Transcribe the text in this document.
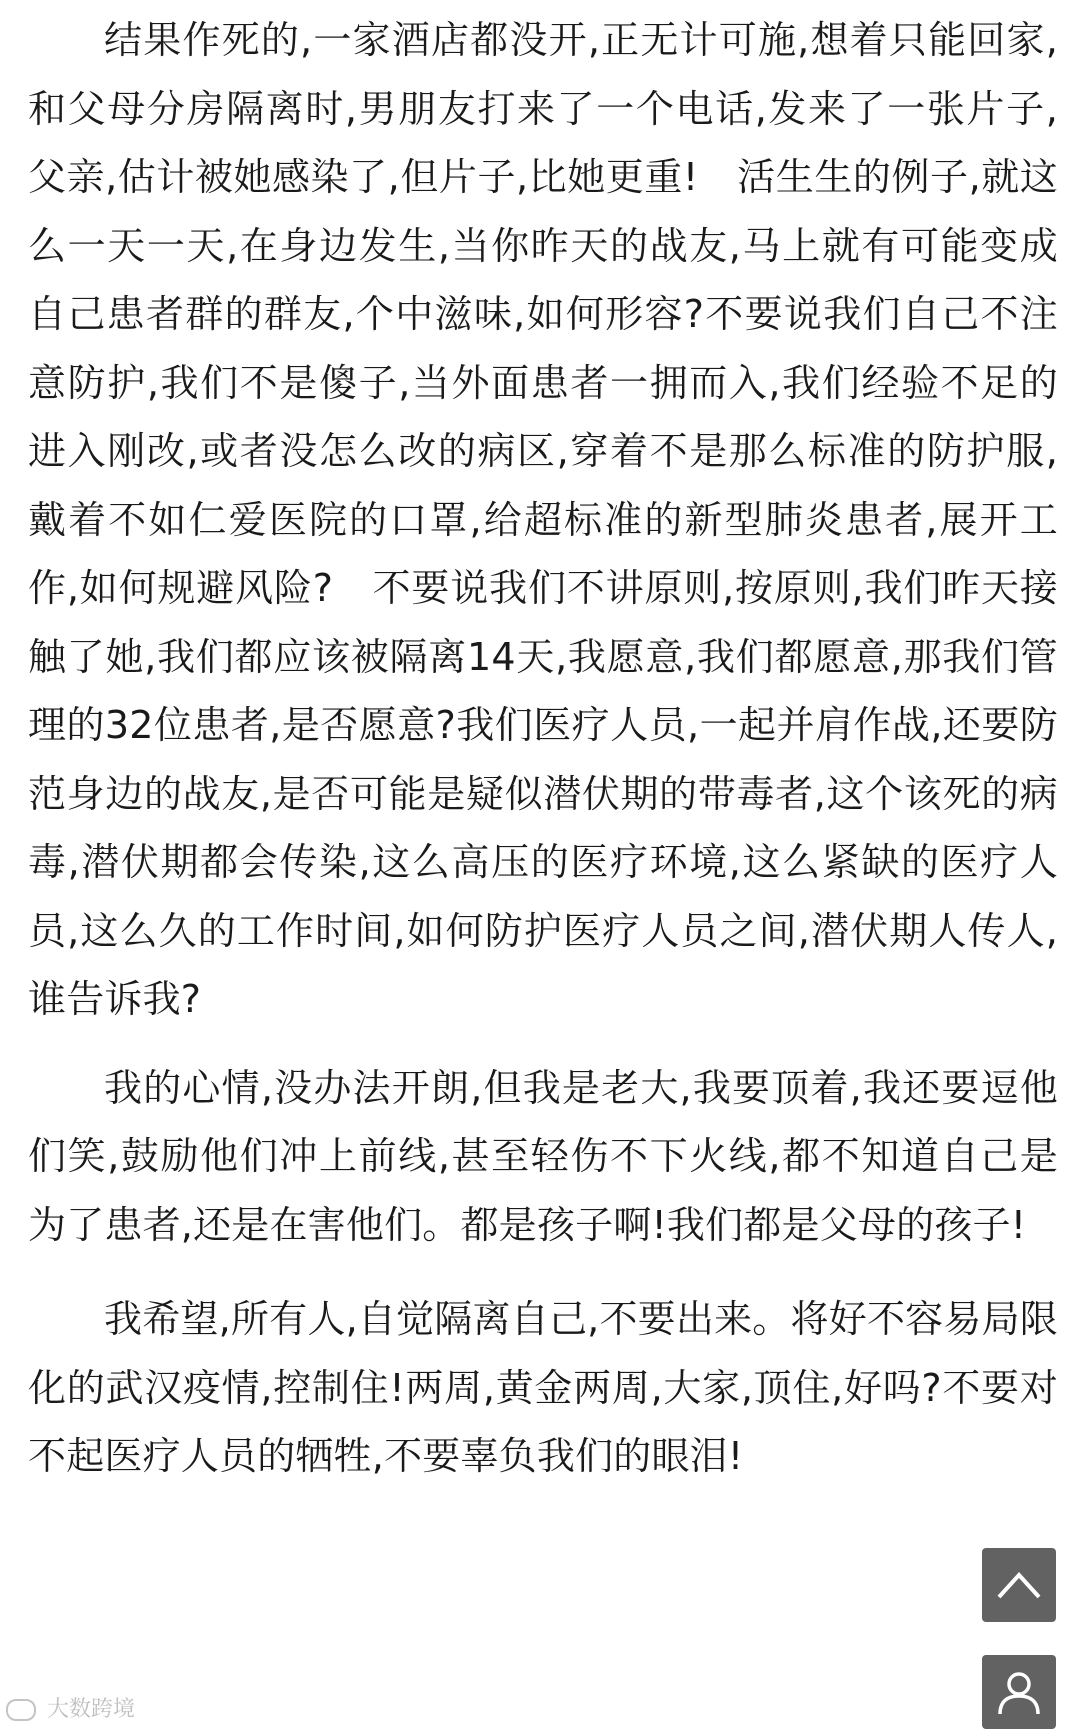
结果作死的,一家酒店都没开,正无计可施,想着只能回家,和父母分房隔离时,男朋友打来了一个电话,发来了一张片子,父亲,估计被她感染了,但片子,比她更重!　活生生的例子,就这么一天一天,在身边发生,当你昨天的战友,马上就有可能变成自己患者群的群友,个中滋味,如何形容?不要说我们自己不注意防护,我们不是傻子,当外面患者一拥而入,我们经验不足的进入刚改,或者没怎么改的病区,穿着不是那么标准的防护服,戴着不如仁爱医院的口罩,给超标准的新型肺炎患者,展开工作,如何规避风险?　不要说我们不讲原则,按原则,我们昨天接触了她,我们都应该被隔离14天,我愿意,我们都愿意,那我们管理的32位患者,是否愿意?我们医疗人员,一起并肩作战,还要防范身边的战友,是否可能是疑似潜伏期的带毒者,这个该死的病毒,潜伏期都会传染,这么高压的医疗环境,这么紧缺的医疗人员,这么久的工作时间,如何防护医疗人员之间,潜伏期人传人,谁告诉我?

我的心情,没办法开朗,但我是老大,我要顶着,我还要逗他们笑,鼓励他们冲上前线,甚至轻伤不下火线,都不知道自己是为了患者,还是在害他们。都是孩子啊!我们都是父母的孩子!

我希望,所有人,自觉隔离自己,不要出来。将好不容易局限化的武汉疫情,控制住!两周,黄金两周,大家,顶住,好吗?不要对不起医疗人员的牺牲,不要辜负我们的眼泪!

大数跨境
